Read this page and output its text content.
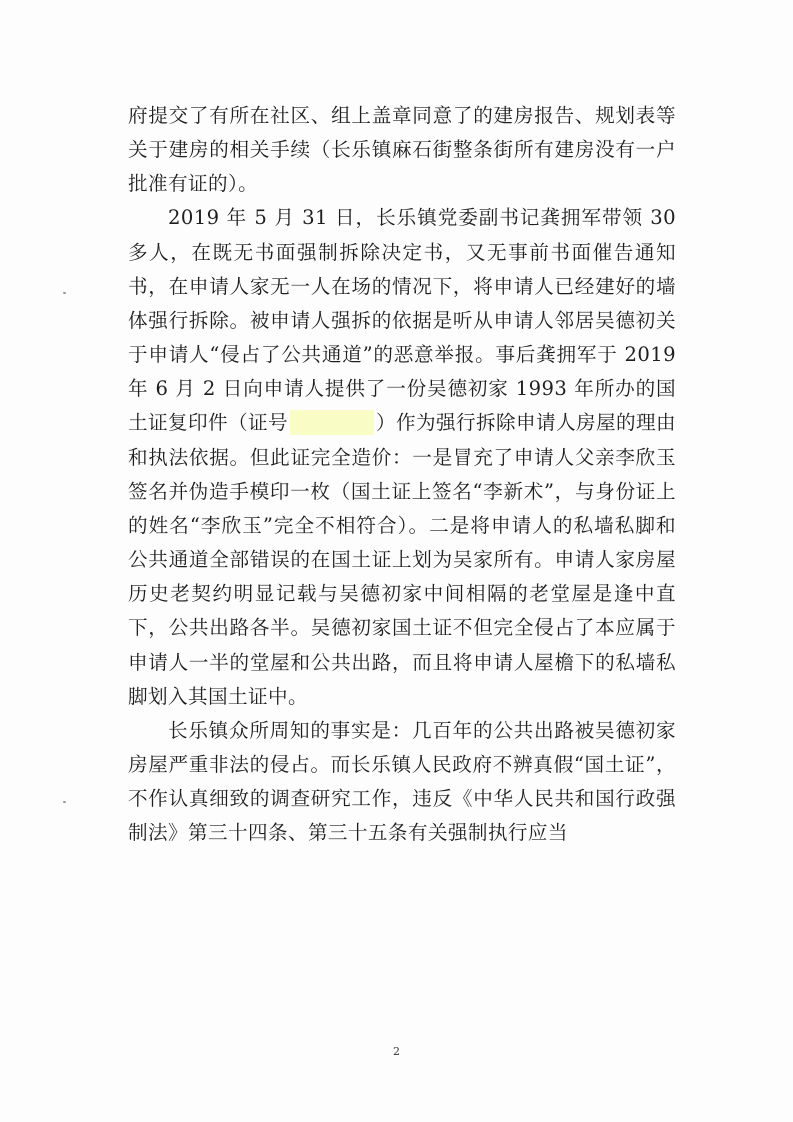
府提交了有所在社区、组上盖章同意了的建房报告、规划表等关于建房的相关手续（长乐镇麻石街整条街所有建房没有一户批准有证的）。

2019 年 5 月 31 日，长乐镇党委副书记龚拥军带领 30 多人，在既无书面强制拆除决定书，又无事前书面催告通知书，在申请人家无一人在场的情况下，将申请人已经建好的墙体强行拆除。被申请人强拆的依据是听从申请人邻居吴德初关于申请人“侵占了公共通道”的恶意举报。事后龚拥军于 2019 年 6 月 2 日向申请人提供了一份吴德初家 1993 年所办的国土证复印件（证号	）作为强行拆除申请人房屋的理由和执法依据。但此证完全造价：一是冒充了申请人父亲李欣玉签名并伪造手模印一枚（国土证上签名“李新术”，与身份证上的姓名“李欣玉”完全不相符合）。二是将申请人的私墙私脚和公共通道全部错误的在国土证上划为吴家所有。申请人家房屋历史老契约明显记载与吴德初家中间相隔的老堂屋是逢中直下，公共出路各半。吴德初家国土证不但完全侵占了本应属于申请人一半的堂屋和公共出路，而且将申请人屋檐下的私墙私脚划入其国土证中。

长乐镇众所周知的事实是：几百年的公共出路被吴德初家房屋严重非法的侵占。而长乐镇人民政府不辨真假“国土证”，不作认真细致的调查研究工作，违反《中华人民共和国行政强制法》第三十四条、第三十五条有关强制执行应当

2
